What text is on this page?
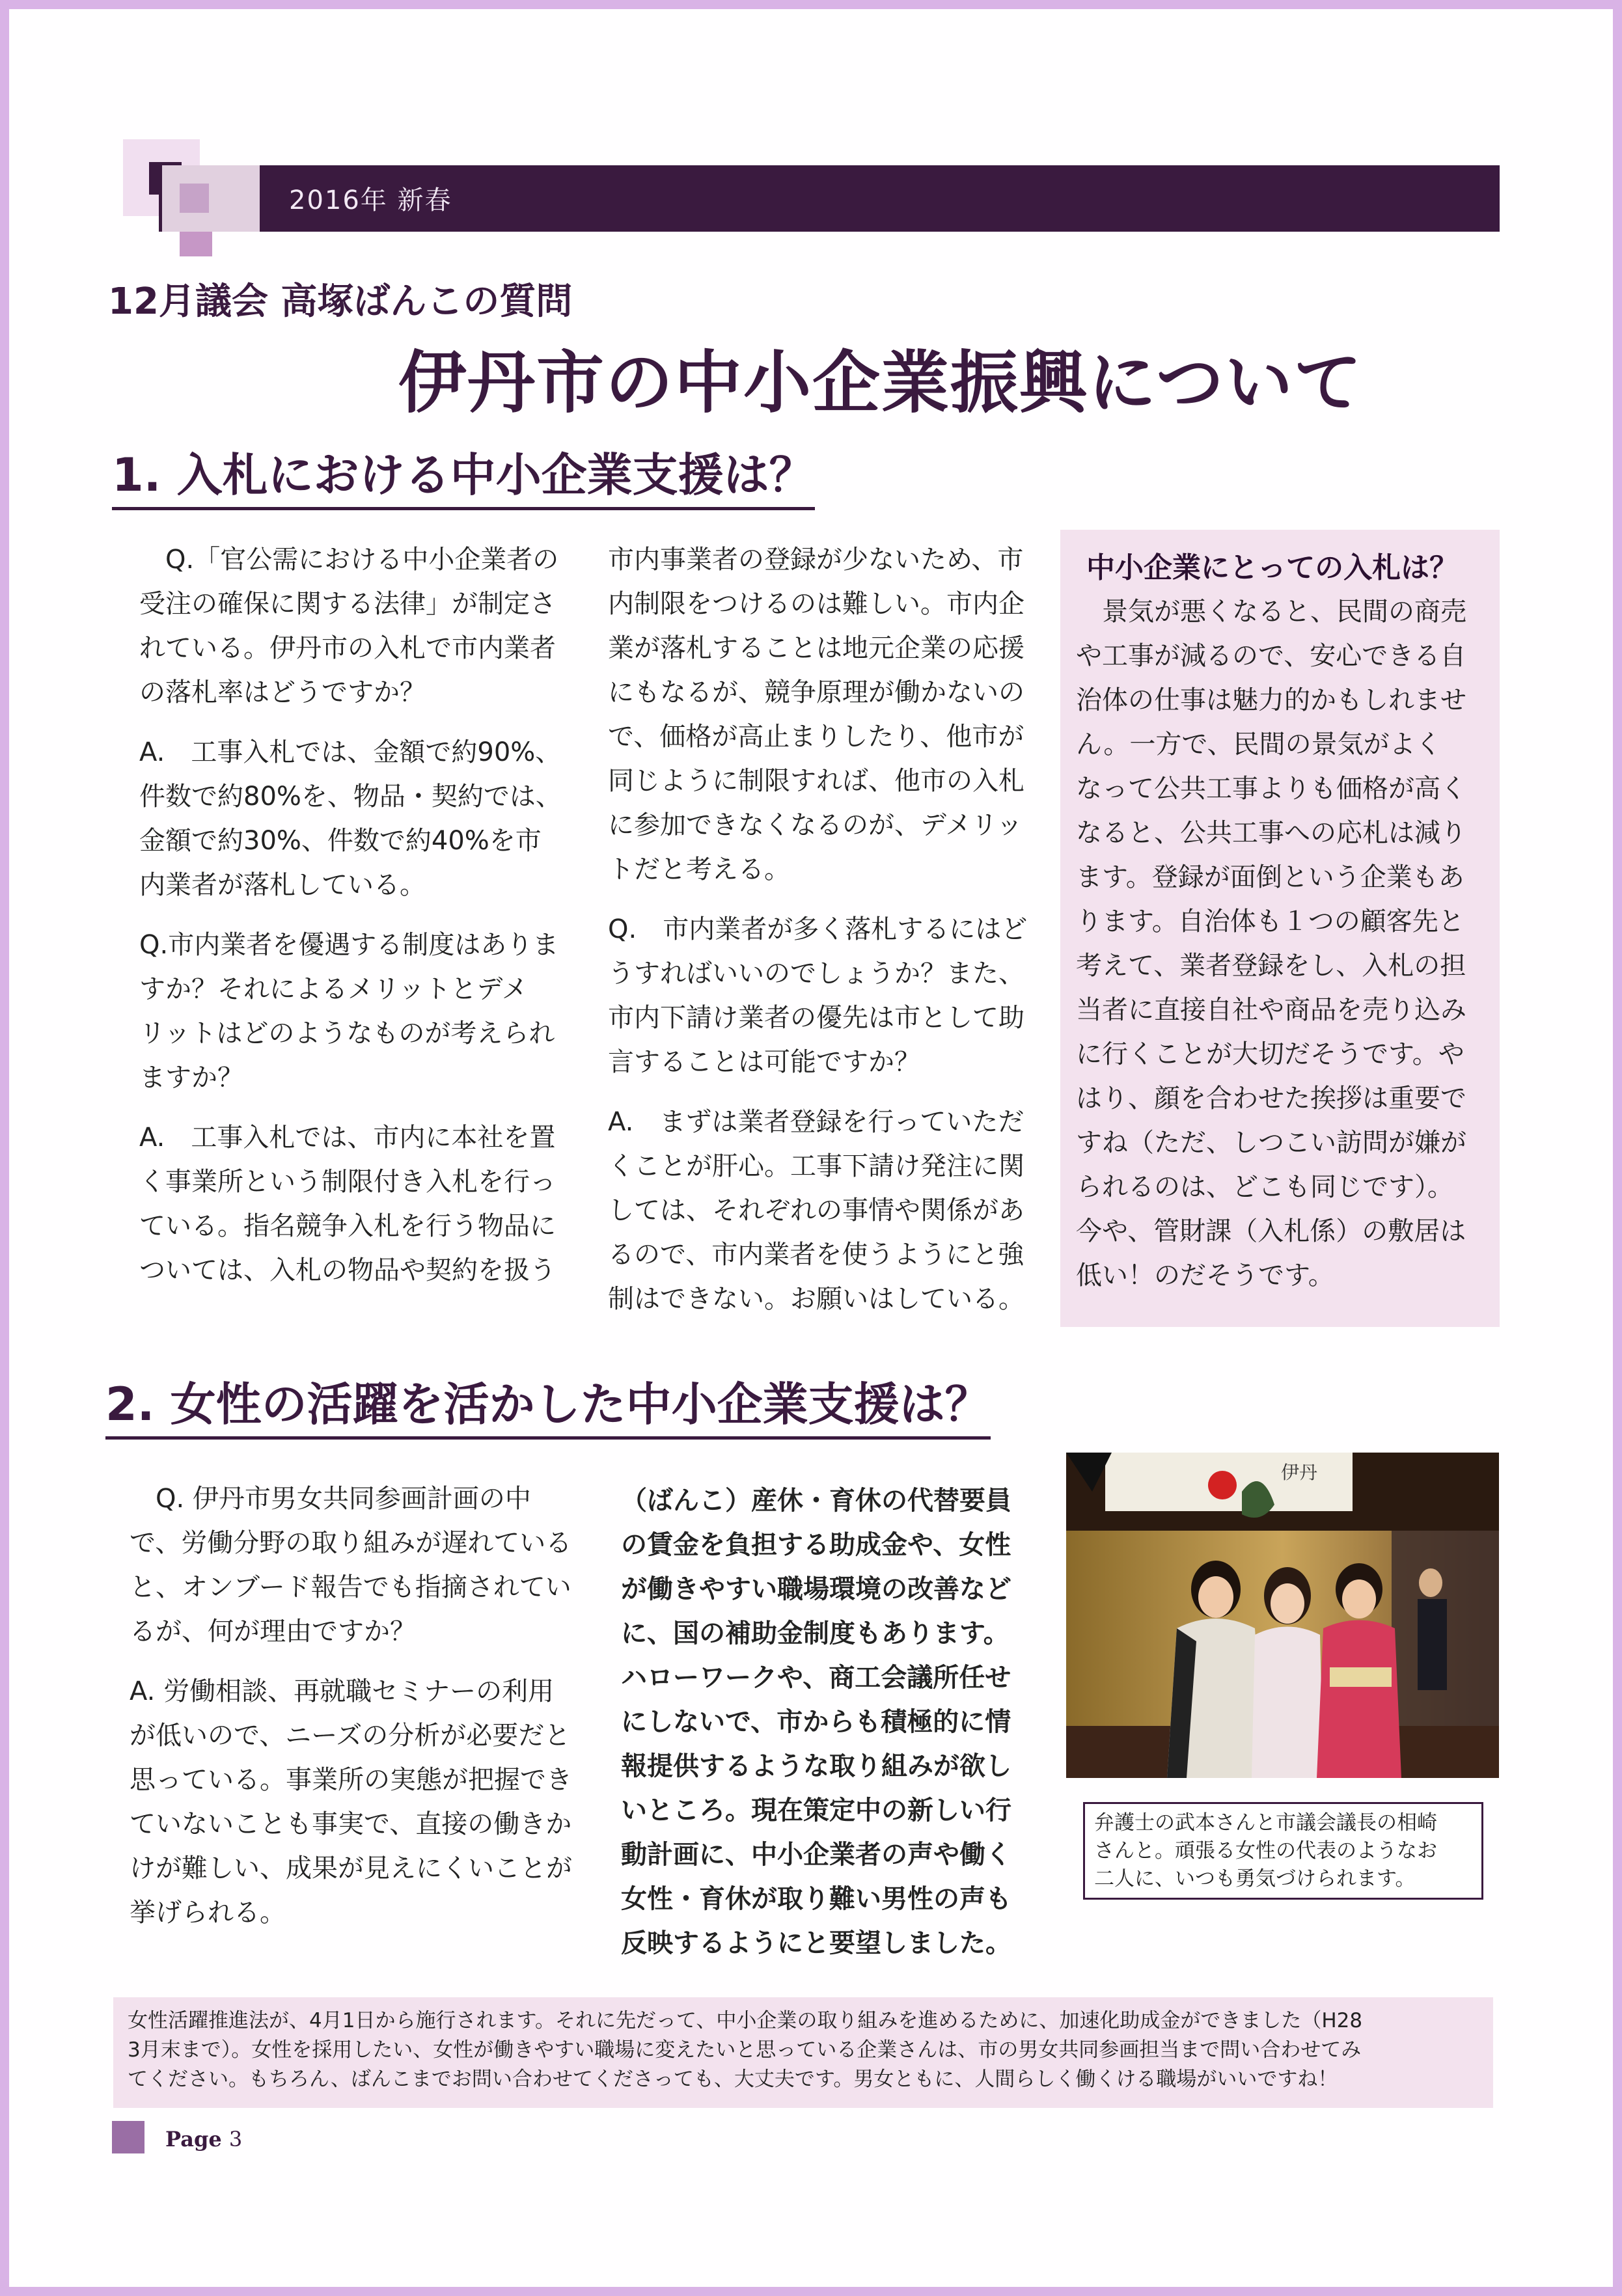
2016年 新春
12月議会 高塚ばんこの質問
伊丹市の中小企業振興について
1. 入札における中小企業支援は？

　Q.「官公需における中小企業者の
受注の確保に関する法律」が制定さ
れている。伊丹市の入札で市内業者
の落札率はどうですか？

A.　工事入札では、金額で約90%、
件数で約80%を、物品・契約では、
金額で約30%、件数で約40%を市
内業者が落札している。

Q.市内業者を優遇する制度はありま
すか？それによるメリットとデメ
リットはどのようなものが考えられ
ますか？

A.　工事入札では、市内に本社を置
く事業所という制限付き入札を行っ
ている。指名競争入札を行う物品に
ついては、入札の物品や契約を扱う

市内事業者の登録が少ないため、市
内制限をつけるのは難しい。市内企
業が落札することは地元企業の応援
にもなるが、競争原理が働かないの
で、価格が高止まりしたり、他市が
同じように制限すれば、他市の入札
に参加できなくなるのが、デメリッ
トだと考える。

Q.　市内業者が多く落札するにはど
うすればいいのでしょうか？また、
市内下請け業者の優先は市として助
言することは可能ですか？

A.　まずは業者登録を行っていただ
くことが肝心。工事下請け発注に関
しては、それぞれの事情や関係があ
るので、市内業者を使うようにと強
制はできない。お願いはしている。

中小企業にとっての入札は？
　景気が悪くなると、民間の商売
や工事が減るので、安心できる自
治体の仕事は魅力的かもしれませ
ん。一方で、民間の景気がよく
なって公共工事よりも価格が高く
なると、公共工事への応札は減り
ます。登録が面倒という企業もあ
ります。自治体も１つの顧客先と
考えて、業者登録をし、入札の担
当者に直接自社や商品を売り込み
に行くことが大切だそうです。や
はり、顔を合わせた挨拶は重要で
すね（ただ、しつこい訪問が嫌が
られるのは、どこも同じです）。
今や、管財課（入札係）の敷居は
低い！のだそうです。
2. 女性の活躍を活かした中小企業支援は？

　Q. 伊丹市男女共同参画計画の中
で、労働分野の取り組みが遅れている
と、オンブード報告でも指摘されてい
るが、何が理由ですか？

A. 労働相談、再就職セミナーの利用
が低いので、ニーズの分析が必要だと
思っている。事業所の実態が把握でき
ていないことも事実で、直接の働きか
けが難しい、成果が見えにくいことが
挙げられる。

（ばんこ）産休・育休の代替要員
の賃金を負担する助成金や、女性
が働きやすい職場環境の改善など
に、国の補助金制度もあります。
ハローワークや、商工会議所任せ
にしないで、市からも積極的に情
報提供するような取り組みが欲し
いところ。現在策定中の新しい行
動計画に、中小企業者の声や働く
女性・育休が取り難い男性の声も
反映するようにと要望しました。

伊丹
弁護士の武本さんと市議会議長の相崎
さんと。頑張る女性の代表のようなお
二人に、いつも勇気づけられます。
女性活躍推進法が、4月1日から施行されます。それに先だって、中小企業の取り組みを進めるために、加速化助成金ができました（H28
3月末まで）。女性を採用したい、女性が働きやすい職場に変えたいと思っている企業さんは、市の男女共同参画担当まで問い合わせてみ
てください。もちろん、ばんこまでお問い合わせてくださっても、大丈夫です。男女ともに、人間らしく働くける職場がいいですね！
Page 3
